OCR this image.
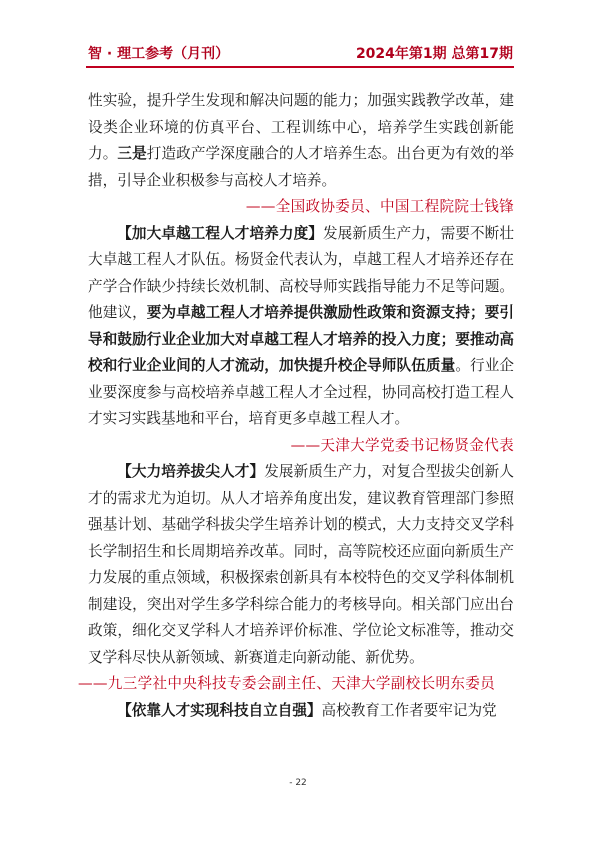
智 · 理工参考（月刊）	2024年第1期 总第17期

性实验，提升学生发现和解决问题的能力；加强实践教学改革，建设类企业环境的仿真平台、工程训练中心，培养学生实践创新能力。三是打造政产学深度融合的人才培养生态。出台更为有效的举措，引导企业积极参与高校人才培养。

——全国政协委员、中国工程院院士钱锋

【加大卓越工程人才培养力度】发展新质生产力，需要不断壮大卓越工程人才队伍。杨贤金代表认为，卓越工程人才培养还存在产学合作缺少持续长效机制、高校导师实践指导能力不足等问题。他建议，要为卓越工程人才培养提供激励性政策和资源支持；要引导和鼓励行业企业加大对卓越工程人才培养的投入力度；要推动高校和行业企业间的人才流动，加快提升校企导师队伍质量。行业企业要深度参与高校培养卓越工程人才全过程，协同高校打造工程人才实习实践基地和平台，培育更多卓越工程人才。

——天津大学党委书记杨贤金代表

【大力培养拔尖人才】发展新质生产力，对复合型拔尖创新人才的需求尤为迫切。从人才培养角度出发，建议教育管理部门参照强基计划、基础学科拔尖学生培养计划的模式，大力支持交叉学科长学制招生和长周期培养改革。同时，高等院校还应面向新质生产力发展的重点领域，积极探索创新具有本校特色的交叉学科体制机制建设，突出对学生多学科综合能力的考核导向。相关部门应出台政策，细化交叉学科人才培养评价标准、学位论文标准等，推动交叉学科尽快从新领域、新赛道走向新动能、新优势。

——九三学社中央科技专委会副主任、天津大学副校长明东委员

【依靠人才实现科技自立自强】高校教育工作者要牢记为党

- 22
